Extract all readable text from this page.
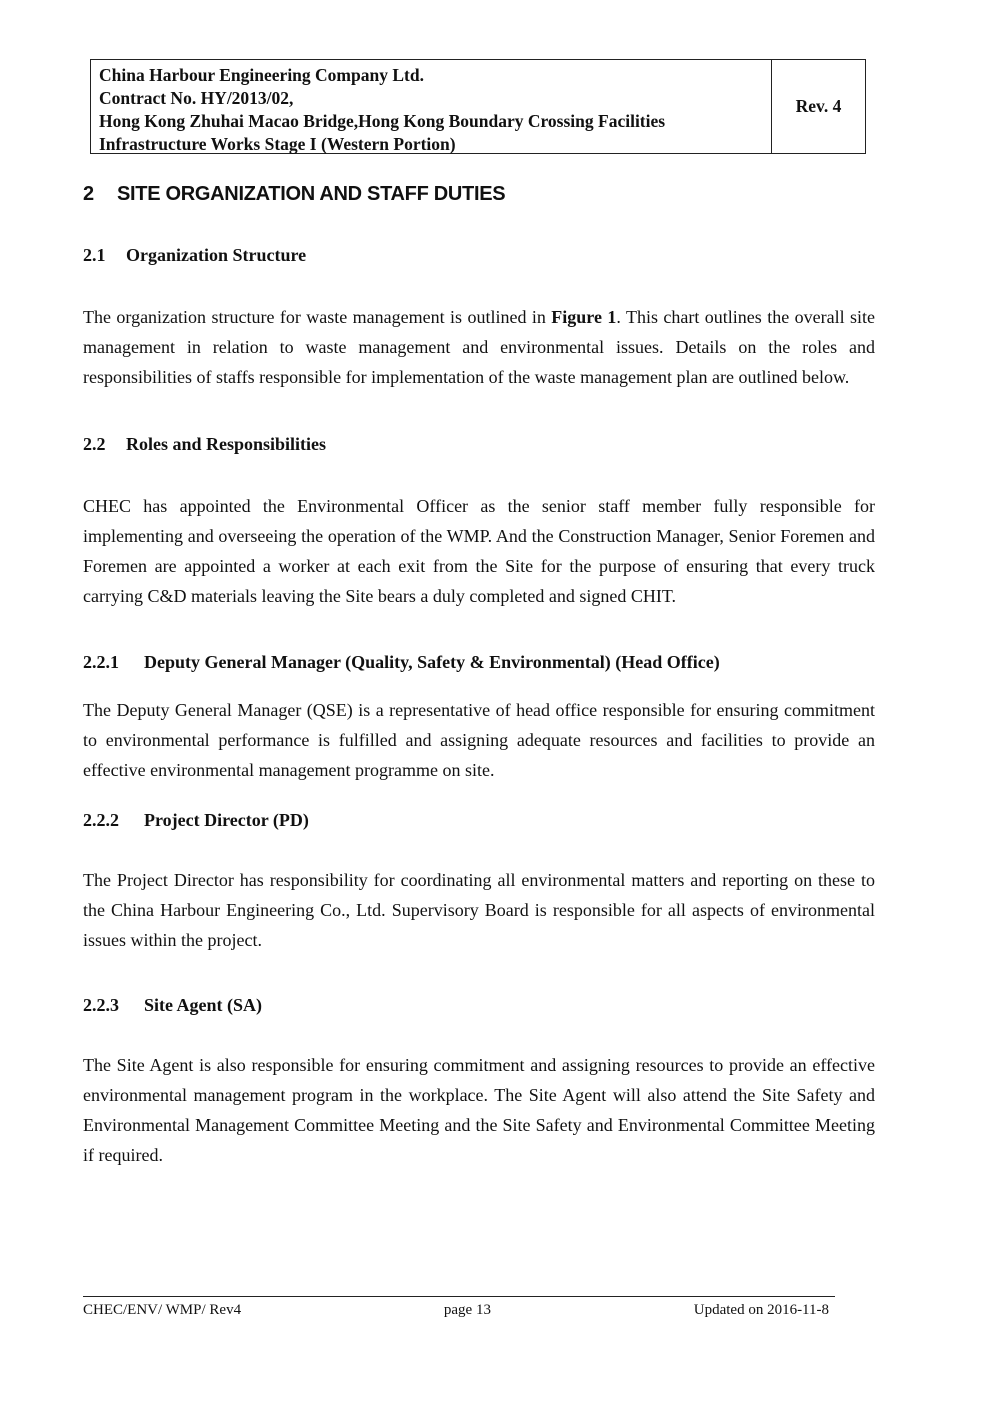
China Harbour Engineering Company Ltd.
Contract No. HY/2013/02,
Hong Kong Zhuhai Macao Bridge,Hong Kong Boundary Crossing Facilities
Infrastructure Works Stage I (Western Portion)
Rev. 4
2 SITE ORGANIZATION AND STAFF DUTIES
2.1 Organization Structure

The organization structure for waste management is outlined in Figure 1. This chart outlines the overall site management in relation to waste management and environmental issues. Details on the roles and responsibilities of staffs responsible for implementation of the waste management plan are outlined below.

2.2 Roles and Responsibilities

CHEC has appointed the Environmental Officer as the senior staff member fully responsible for implementing and overseeing the operation of the WMP. And the Construction Manager, Senior Foremen and Foremen are appointed a worker at each exit from the Site for the purpose of ensuring that every truck carrying C&D materials leaving the Site bears a duly completed and signed CHIT.

2.2.1 Deputy General Manager (Quality, Safety & Environmental) (Head Office)

The Deputy General Manager (QSE) is a representative of head office responsible for ensuring commitment to environmental performance is fulfilled and assigning adequate resources and facilities to provide an effective environmental management programme on site.

2.2.2 Project Director (PD)

The Project Director has responsibility for coordinating all environmental matters and reporting on these to the China Harbour Engineering Co., Ltd. Supervisory Board is responsible for all aspects of environmental issues within the project.

2.2.3 Site Agent (SA)

The Site Agent is also responsible for ensuring commitment and assigning resources to provide an effective environmental management program in the workplace. The Site Agent will also attend the Site Safety and Environmental Management Committee Meeting and the Site Safety and Environmental Committee Meeting if required.

CHEC/ENV/ WMP/ Rev4	page 13	Updated on 2016-11-8
